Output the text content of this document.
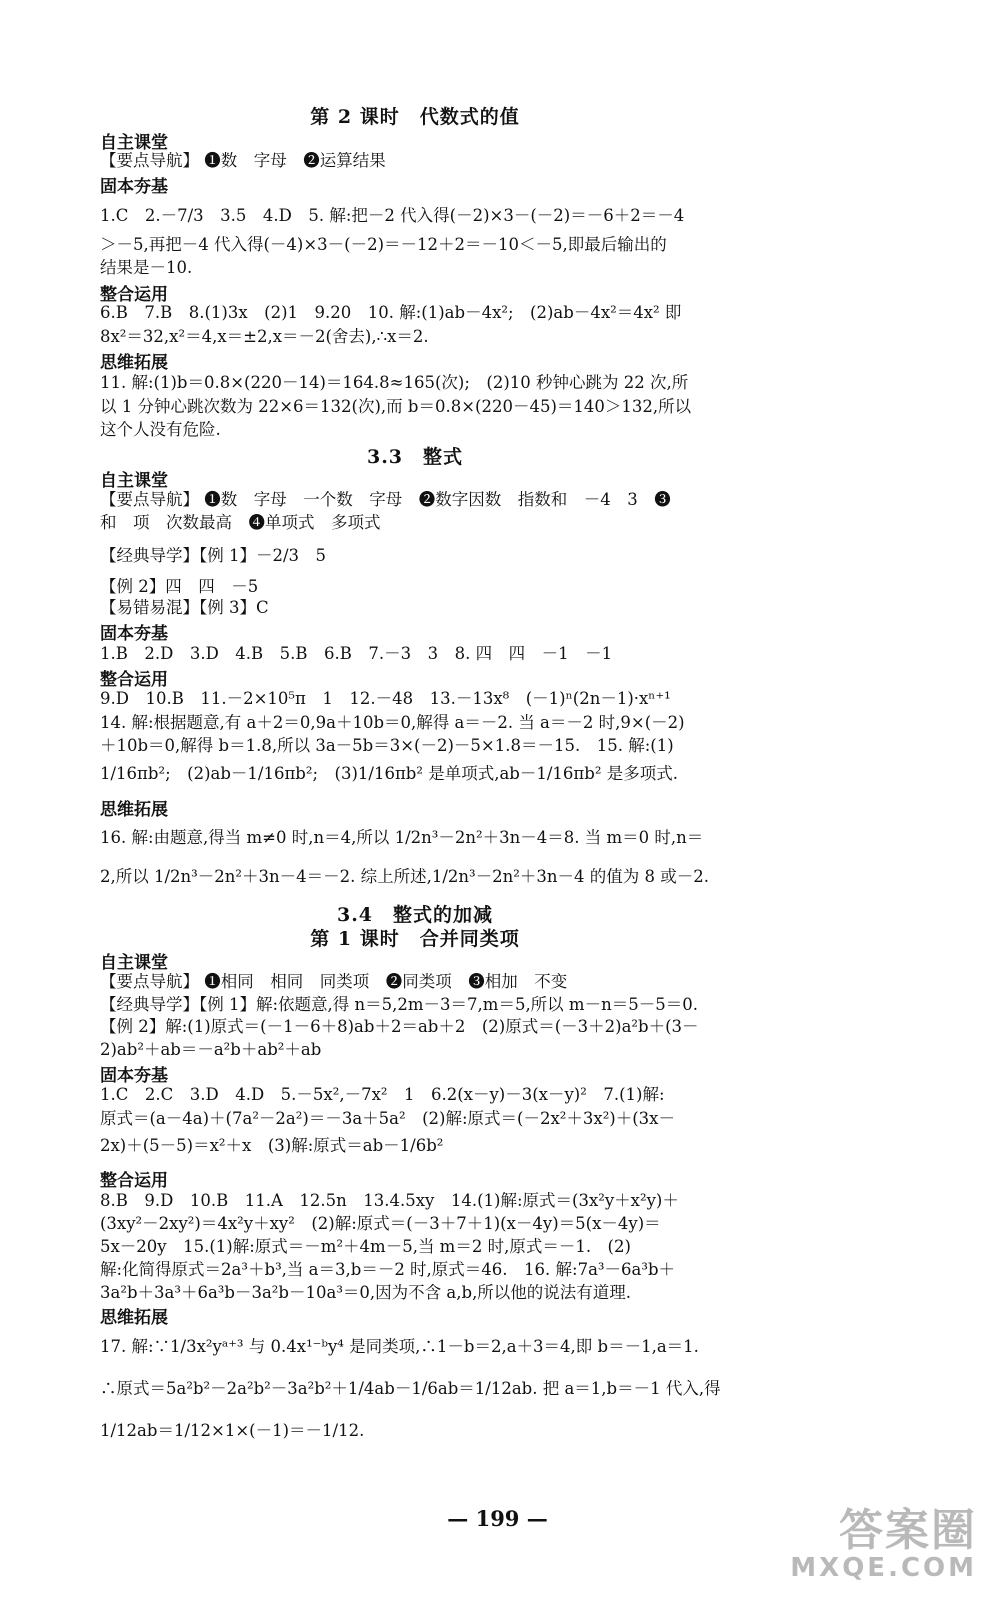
第 2 课时　代数式的值
自主课堂
【要点导航】 ❶数　字母　❷运算结果
固本夯基
1.C　2.－7/3　3.5　4.D　5. 解:把－2 代入得(－2)×3－(－2)＝－6＋2＝－4
＞－5,再把－4 代入得(－4)×3－(－2)＝－12＋2＝－10＜－5,即最后输出的
结果是－10.
整合运用
6.B　7.B　8.(1)3x　(2)1　9.20　10. 解:(1)ab－4x²;　(2)ab－4x²＝4x² 即
8x²＝32,x²＝4,x＝±2,x＝－2(舍去),∴x＝2.
思维拓展
11. 解:(1)b＝0.8×(220－14)＝164.8≈165(次);　(2)10 秒钟心跳为 22 次,所
以 1 分钟心跳次数为 22×6＝132(次),而 b＝0.8×(220－45)＝140＞132,所以
这个人没有危险.
3.3　整式
自主课堂
【要点导航】 ❶数　字母　一个数　字母　❷数字因数　指数和　－4　3　❸
和　项　次数最高　❹单项式　多项式
【经典导学】【例 1】－2/3　5
【例 2】四　四　－5
【易错易混】【例 3】C
固本夯基
1.B　2.D　3.D　4.B　5.B　6.B　7.－3　3　8. 四　四　－1　－1
整合运用
9.D　10.B　11.－2×10⁵π　1　12.－48　13.－13x⁸　(－1)ⁿ(2n－1)·xⁿ⁺¹
14. 解:根据题意,有 a＋2＝0,9a＋10b＝0,解得 a＝－2. 当 a＝－2 时,9×(－2)
＋10b＝0,解得 b＝1.8,所以 3a－5b＝3×(－2)－5×1.8＝－15.　15. 解:(1)
1/16πb²;　(2)ab－1/16πb²;　(3)1/16πb² 是单项式,ab－1/16πb² 是多项式.
思维拓展
16. 解:由题意,得当 m≠0 时,n＝4,所以 1/2n³－2n²＋3n－4＝8. 当 m＝0 时,n＝
2,所以 1/2n³－2n²＋3n－4＝－2. 综上所述,1/2n³－2n²＋3n－4 的值为 8 或－2.
3.4　整式的加减
第 1 课时　合并同类项
自主课堂
【要点导航】 ❶相同　相同　同类项　❷同类项　❸相加　不变
【经典导学】【例 1】解:依题意,得 n＝5,2m－3＝7,m＝5,所以 m－n＝5－5＝0.
【例 2】解:(1)原式＝(－1－6＋8)ab＋2＝ab＋2　(2)原式＝(－3＋2)a²b＋(3－
2)ab²＋ab＝－a²b＋ab²＋ab
固本夯基
1.C　2.C　3.D　4.D　5.－5x²,－7x²　1　6.2(x－y)－3(x－y)²　7.(1)解:
原式＝(a－4a)＋(7a²－2a²)＝－3a＋5a²　(2)解:原式＝(－2x²＋3x²)＋(3x－
2x)＋(5－5)＝x²＋x　(3)解:原式＝ab－1/6b²
整合运用
8.B　9.D　10.B　11.A　12.5n　13.4.5xy　14.(1)解:原式＝(3x²y＋x²y)＋
(3xy²－2xy²)＝4x²y＋xy²　(2)解:原式＝(－3＋7＋1)(x－4y)＝5(x－4y)＝
5x－20y　15.(1)解:原式＝－m²＋4m－5,当 m＝2 时,原式＝－1.　(2)
解:化简得原式＝2a³＋b³,当 a＝3,b＝－2 时,原式＝46.　16. 解:7a³－6a³b＋
3a²b＋3a³＋6a³b－3a²b－10a³＝0,因为不含 a,b,所以他的说法有道理.
思维拓展
17. 解:∵1/3x²yᵃ⁺³ 与 0.4x¹⁻ᵇy⁴ 是同类项,∴1－b＝2,a＋3＝4,即 b＝－1,a＝1.
∴原式＝5a²b²－2a²b²－3a²b²＋1/4ab－1/6ab＝1/12ab. 把 a＝1,b＝－1 代入,得
1/12ab＝1/12×1×(－1)＝－1/12.
— 199 —	答案圈
MXQE.COM
